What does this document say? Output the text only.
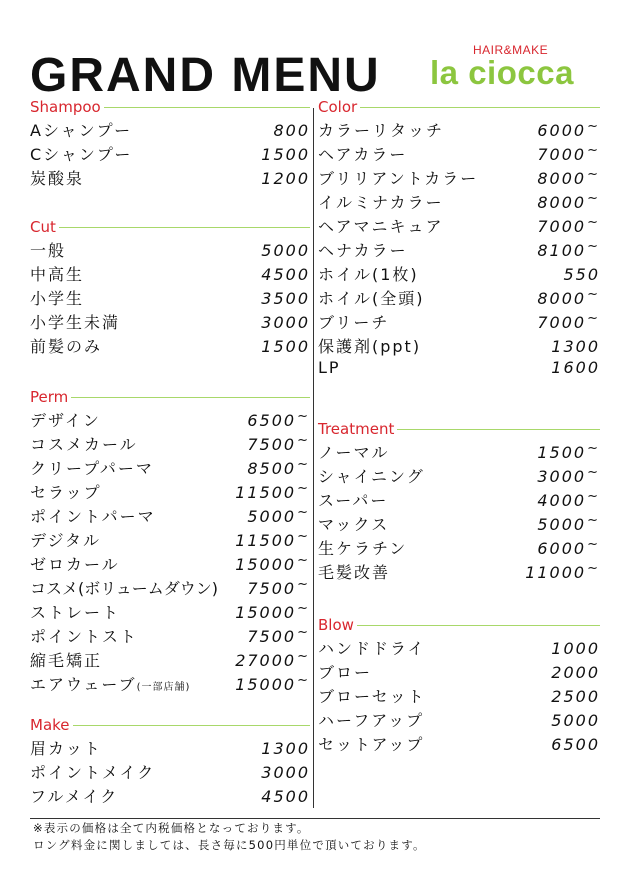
GRAND MENU	HAIR&MAKE
la ciocca
Shampoo
Aシャンプー	800
Cシャンプー	1500
炭酸泉	1200
Cut
一般	5000
中高生	4500
小学生	3500
小学生未満	3000
前髪のみ	1500
Perm
デザイン	6500~
コスメカール	7500~
クリープパーマ	8500~
セラップ	11500~
ポイントパーマ	5000~
デジタル	11500~
ゼロカール	15000~
コスメ(ボリュームダウン) 7500~
ストレート	15000~
ポイントスト	7500~
縮毛矯正	27000~
エアウェーブ(一部店舗)	15000~
Make
眉カット	1300
ポイントメイク	3000
フルメイク	4500
Color
カラーリタッチ	6000~
ヘアカラー	7000~
ブリリアントカラー	8000~
イルミナカラー	8000~
ヘアマニキュア	7000~
ヘナカラー	8100~
ホイル(1枚)	550
ホイル(全頭)	8000~
ブリーチ	7000~
保護剤(ppt)	1300
LP	1600
Treatment
ノーマル	1500~
シャイニング	3000~
スーパー	4000~
マックス	5000~
生ケラチン	6000~
毛髪改善	11000~
Blow
ハンドドライ	1000
ブロー	2000
ブローセット	2500
ハーフアップ	5000
セットアップ	6500
※表示の価格は全て内税価格となっております。
ロング料金に関しましては、長さ毎に500円単位で頂いております。
